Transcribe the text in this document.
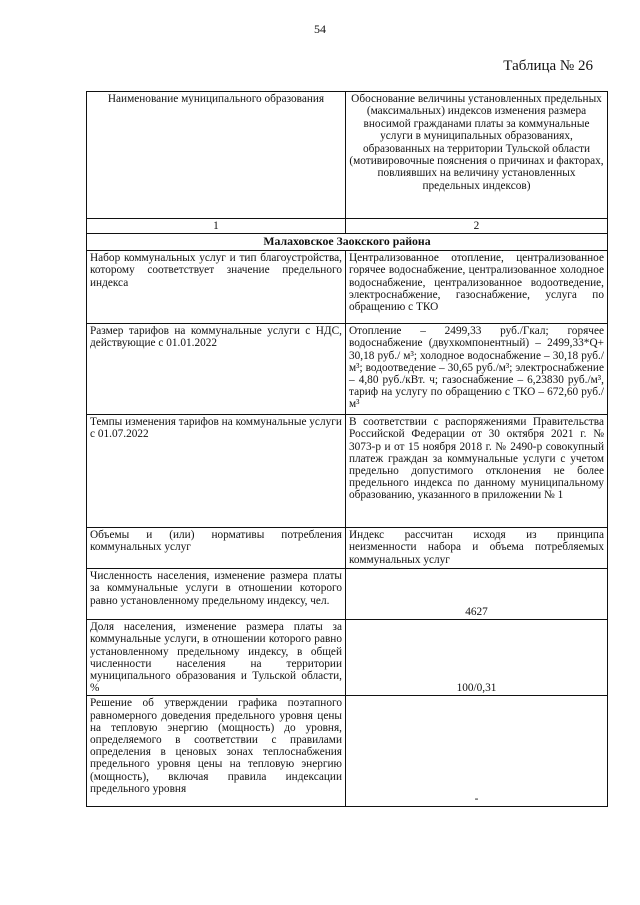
54
Таблица № 26
Наименование муниципального образования	Обоснование величины установленных предельных (максимальных) индексов изменения размера вносимой гражданами платы за коммунальные услуги в муниципальных образованиях, образованных на территории Тульской области (мотивировочные пояснения о причинах и факторах, повлиявших на величину установленных предельных индексов)
1	2
Малаховское Заокского района	
Набор коммунальных услуг и тип благоустройства, которому соответствует значение предельного индекса	Централизованное отопление, централизованное горячее водоснабжение, централизованное холодное водоснабжение, централизованное водоотведение, электроснабжение, газоснабжение, услуга по обращению с ТКО
Размер тарифов на коммунальные услуги с НДС, действующие с 01.01.2022	Отопление – 2499,33 руб./Гкал; горячее водоснабжение (двухкомпонентный) – 2499,33*Q+ 30,18 руб./ м³; холодное водоснабжение – 30,18 руб./м³; водоотведение – 30,65 руб./м³; электроснабжение – 4,80 руб./кВт. ч; газоснабжение – 6,23830 руб./м³, тариф на услугу по обращению с ТКО – 672,60 руб./м³
Темпы изменения тарифов на коммунальные услуги с 01.07.2022	В соответствии с распоряжениями Правительства Российской Федерации от 30 октября 2021 г. № 3073-р и от 15 ноября 2018 г. № 2490-р совокупный платеж граждан за коммунальные услуги с учетом предельно допустимого отклонения не более предельного индекса по данному муниципальному образованию, указанного в приложении № 1
Объемы и (или) нормативы потребления коммунальных услуг	Индекс рассчитан исходя из принципа неизменности набора и объема потребляемых коммунальных услуг
Численность населения, изменение размера платы за коммунальные услуги в отношении которого равно установленному предельному индексу, чел.	4627
Доля населения, изменение размера платы за коммунальные услуги, в отношении которого равно установленному предельному индексу, в общей численности населения на территории муниципального образования и Тульской области, %	100/0,31
Решение об утверждении графика поэтапного равномерного доведения предельного уровня цены на тепловую энергию (мощность) до уровня, определяемого в соответствии с правилами определения в ценовых зонах теплоснабжения предельного уровня цены на тепловую энергию (мощность), включая правила индексации предельного уровня	-
